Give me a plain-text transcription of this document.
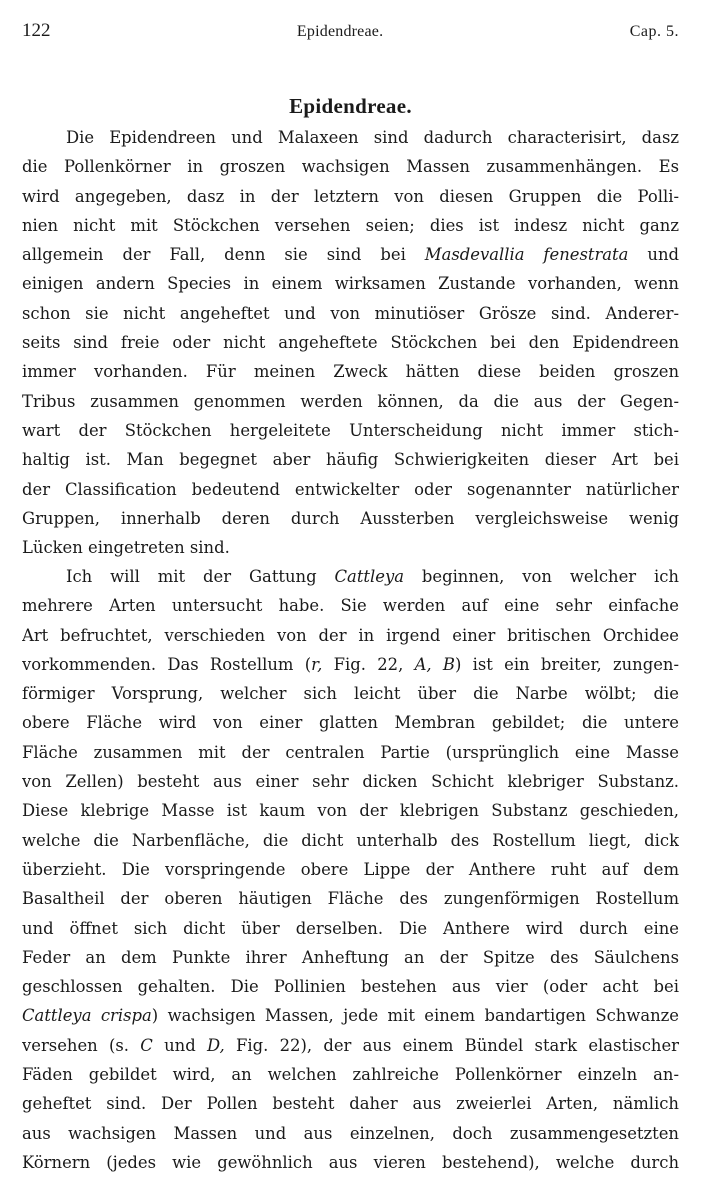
122	Epidendreae.	Cap. 5.
Epidendreae.
Die Epidendreen und Malaxeen sind dadurch characterisirt, dasz
die Pollenkörner in groszen wachsigen Massen zusammenhängen. Es
wird angegeben, dasz in der letztern von diesen Gruppen die Polli-
nien nicht mit Stöckchen versehen seien; dies ist indesz nicht ganz
allgemein der Fall, denn sie sind bei Masdevallia fenestrata und
einigen andern Species in einem wirksamen Zustande vorhanden, wenn
schon sie nicht angeheftet und von minutiöser Grösze sind. Anderer-
seits sind freie oder nicht angeheftete Stöckchen bei den Epidendreen
immer vorhanden. Für meinen Zweck hätten diese beiden groszen
Tribus zusammen genommen werden können, da die aus der Gegen-
wart der Stöckchen hergeleitete Unterscheidung nicht immer stich-
haltig ist. Man begegnet aber häufig Schwierigkeiten dieser Art bei
der Classification bedeutend entwickelter oder sogenannter natürlicher
Gruppen, innerhalb deren durch Aussterben vergleichsweise wenig
Lücken eingetreten sind.
Ich will mit der Gattung Cattleya beginnen, von welcher ich
mehrere Arten untersucht habe. Sie werden auf eine sehr einfache
Art befruchtet, verschieden von der in irgend einer britischen Orchidee
vorkommenden. Das Rostellum (r, Fig. 22, A, B) ist ein breiter, zungen-
förmiger Vorsprung, welcher sich leicht über die Narbe wölbt; die
obere Fläche wird von einer glatten Membran gebildet; die untere
Fläche zusammen mit der centralen Partie (ursprünglich eine Masse
von Zellen) besteht aus einer sehr dicken Schicht klebriger Substanz.
Diese klebrige Masse ist kaum von der klebrigen Substanz geschieden,
welche die Narbenfläche, die dicht unterhalb des Rostellum liegt, dick
überzieht. Die vorspringende obere Lippe der Anthere ruht auf dem
Basaltheil der oberen häutigen Fläche des zungenförmigen Rostellum
und öffnet sich dicht über derselben. Die Anthere wird durch eine
Feder an dem Punkte ihrer Anheftung an der Spitze des Säulchens
geschlossen gehalten. Die Pollinien bestehen aus vier (oder acht bei
Cattleya crispa) wachsigen Massen, jede mit einem bandartigen Schwanze
versehen (s. C und D, Fig. 22), der aus einem Bündel stark elastischer
Fäden gebildet wird, an welchen zahlreiche Pollenkörner einzeln an-
geheftet sind. Der Pollen besteht daher aus zweierlei Arten, nämlich
aus wachsigen Massen und aus einzelnen, doch zusammengesetzten
Körnern (jedes wie gewöhnlich aus vieren bestehend), welche durch
